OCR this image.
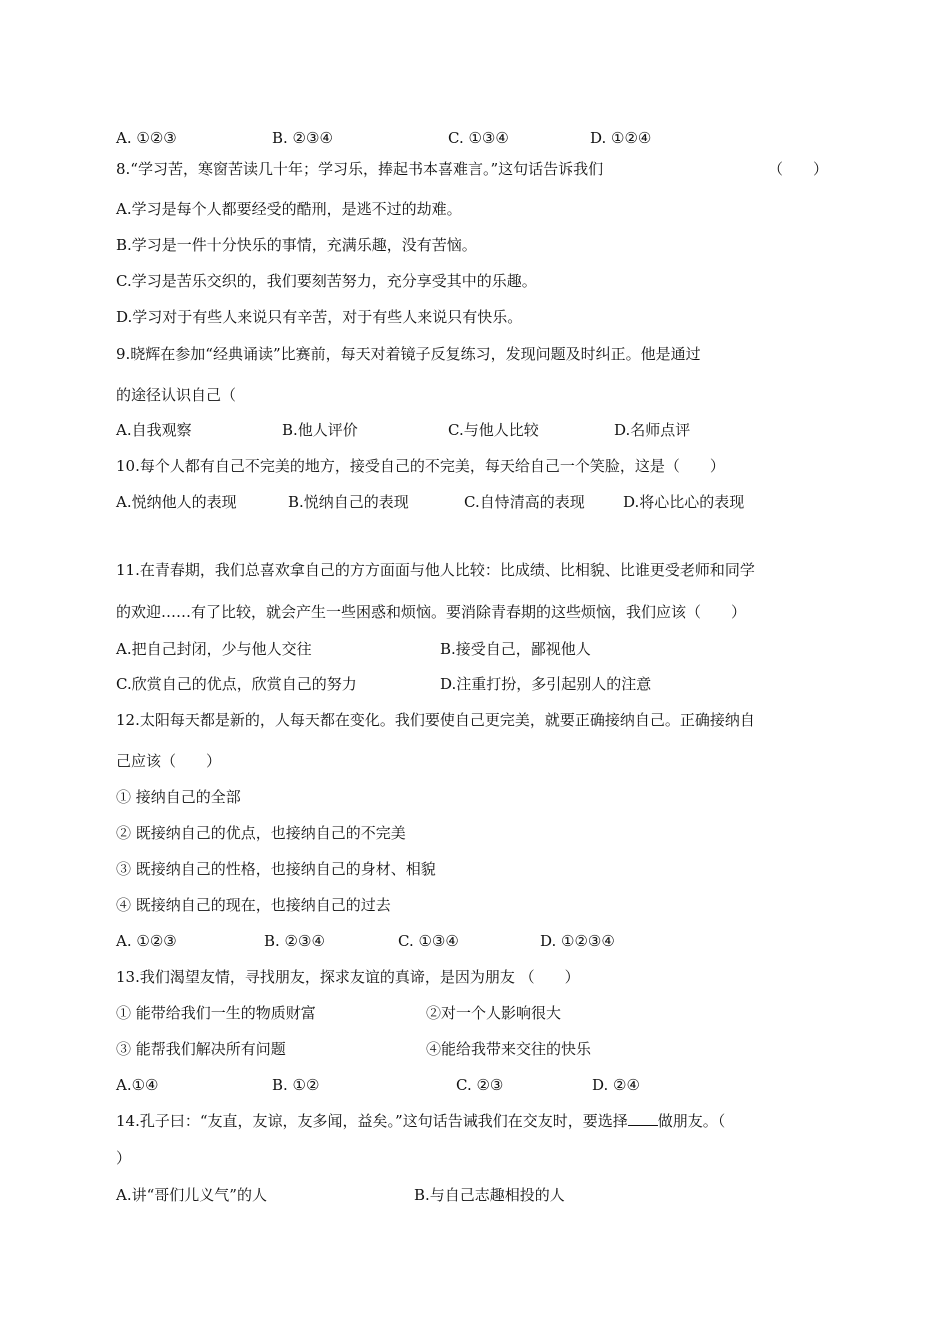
A. ①②③	B. ②③④	C. ①③④	D. ①②④
8.“学习苦，寒窗苦读几十年；学习乐，捧起书本喜难言。”这句话告诉我们	（　　）
A.学习是每个人都要经受的酷刑，是逃不过的劫难。
B.学习是一件十分快乐的事情，充满乐趣，没有苦恼。
C.学习是苦乐交织的，我们要刻苦努力，充分享受其中的乐趣。
D.学习对于有些人来说只有辛苦，对于有些人来说只有快乐。
9.晓辉在参加“经典诵读”比赛前，每天对着镜子反复练习，发现问题及时纠正。他是通过
的途径认识自己（
A.自我观察	B.他人评价	C.与他人比较	D.名师点评
10.每个人都有自己不完美的地方，接受自己的不完美，每天给自己一个笑脸，这是（　　）
A.悦纳他人的表现	B.悦纳自己的表现	C.自恃清高的表现	D.将心比心的表现
11.在青春期，我们总喜欢拿自己的方方面面与他人比较：比成绩、比相貌、比谁更受老师和同学
的欢迎……有了比较，就会产生一些困惑和烦恼。要消除青春期的这些烦恼，我们应该（　　）
A.把自己封闭，少与他人交往	B.接受自己，鄙视他人
C.欣赏自己的优点，欣赏自己的努力	D.注重打扮，多引起别人的注意
12.太阳每天都是新的，人每天都在变化。我们要使自己更完美，就要正确接纳自己。正确接纳自
己应该（　　）
① 接纳自己的全部
② 既接纳自己的优点，也接纳自己的不完美
③ 既接纳自己的性格，也接纳自己的身材、相貌
④ 既接纳自己的现在，也接纳自己的过去
A. ①②③	B. ②③④	C. ①③④	D. ①②③④
13.我们渴望友情，寻找朋友，探求友谊的真谛，是因为朋友 （　　）
① 能带给我们一生的物质财富	②对一个人影响很大
③ 能帮我们解决所有问题	④能给我带来交往的快乐
A.①④	B. ①②	C. ②③	D. ②④
14.孔子曰：“友直，友谅，友多闻，益矣。”这句话告诫我们在交友时，要选择 做朋友。（
）
A.讲“哥们儿义气”的人	B.与自己志趣相投的人
